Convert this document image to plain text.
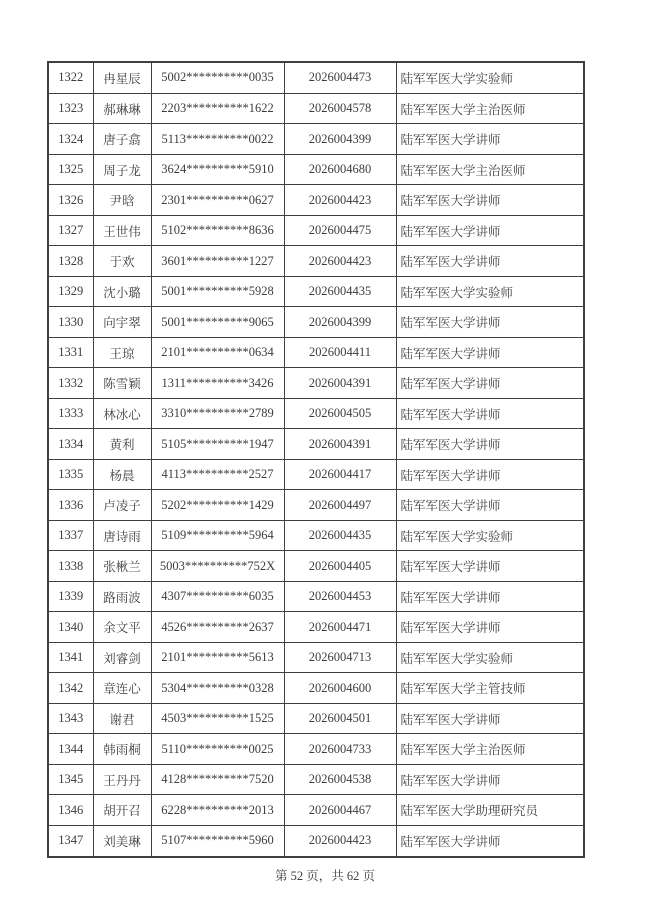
1322	冉星辰	5002**********0035	2026004473	陆军军医大学实验师
1323	郝琳琳	2203**********1622	2026004578	陆军军医大学主治医师
1324	唐子翕	5113**********0022	2026004399	陆军军医大学讲师
1325	周子龙	3624**********5910	2026004680	陆军军医大学主治医师
1326	尹晗	2301**********0627	2026004423	陆军军医大学讲师
1327	王世伟	5102**********8636	2026004475	陆军军医大学讲师
1328	于欢	3601**********1227	2026004423	陆军军医大学讲师
1329	沈小璐	5001**********5928	2026004435	陆军军医大学实验师
1330	向宇翠	5001**********9065	2026004399	陆军军医大学讲师
1331	王琼	2101**********0634	2026004411	陆军军医大学讲师
1332	陈雪颖	1311**********3426	2026004391	陆军军医大学讲师
1333	林冰心	3310**********2789	2026004505	陆军军医大学讲师
1334	黄利	5105**********1947	2026004391	陆军军医大学讲师
1335	杨晨	4113**********2527	2026004417	陆军军医大学讲师
1336	卢凌子	5202**********1429	2026004497	陆军军医大学讲师
1337	唐诗雨	5109**********5964	2026004435	陆军军医大学实验师
1338	张楸兰	5003**********752X	2026004405	陆军军医大学讲师
1339	路雨波	4307**********6035	2026004453	陆军军医大学讲师
1340	余文平	4526**********2637	2026004471	陆军军医大学讲师
1341	刘睿剑	2101**********5613	2026004713	陆军军医大学实验师
1342	章连心	5304**********0328	2026004600	陆军军医大学主管技师
1343	谢君	4503**********1525	2026004501	陆军军医大学讲师
1344	韩雨桐	5110**********0025	2026004733	陆军军医大学主治医师
1345	王丹丹	4128**********7520	2026004538	陆军军医大学讲师
1346	胡开召	6228**********2013	2026004467	陆军军医大学助理研究员
1347	刘美琳	5107**********5960	2026004423	陆军军医大学讲师
第 52 页，共 62 页
